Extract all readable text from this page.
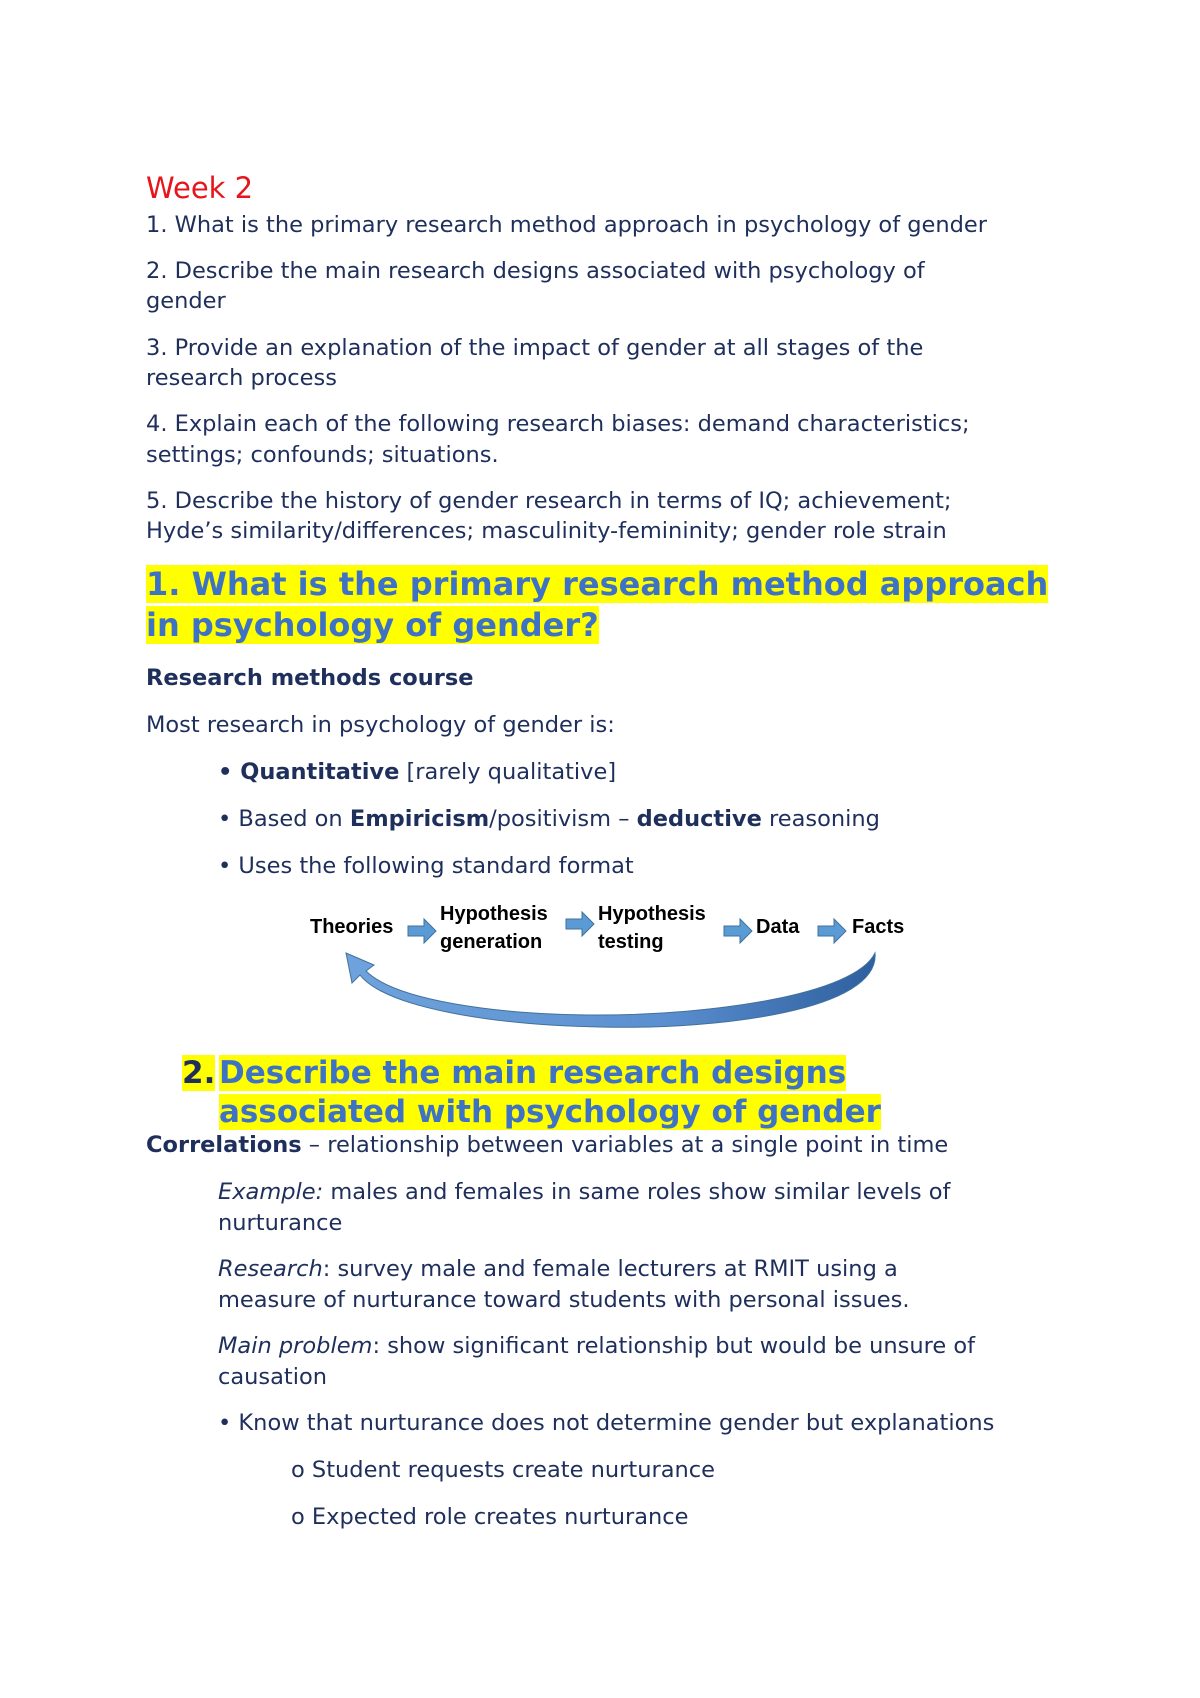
Week 2

1. What is the primary research method approach in psychology of gender

2. Describe the main research designs associated with psychology of

gender

3. Provide an explanation of the impact of gender at all stages of the

research process

4. Explain each of the following research biases: demand characteristics;

settings; confounds; situations.

5. Describe the history of gender research in terms of IQ; achievement;

Hyde’s similarity/differences; masculinity-femininity; gender role strain

1. What is the primary research method approach

in psychology of gender?

Research methods course

Most research in psychology of gender is:

• Quantitative [rarely qualitative]

• Based on Empiricism/positivism – deductive reasoning

• Uses the following standard format

Theories
Hypothesis
generation
Hypothesis
testing
Data	Facts

2. Describe the main research designs

associated with psychology of gender

Correlations – relationship between variables at a single point in time

Example: males and females in same roles show similar levels of

nurturance

Research: survey male and female lecturers at RMIT using a

measure of nurturance toward students with personal issues.

Main problem: show significant relationship but would be unsure of

causation

• Know that nurturance does not determine gender but explanations

o Student requests create nurturance

o Expected role creates nurturance
